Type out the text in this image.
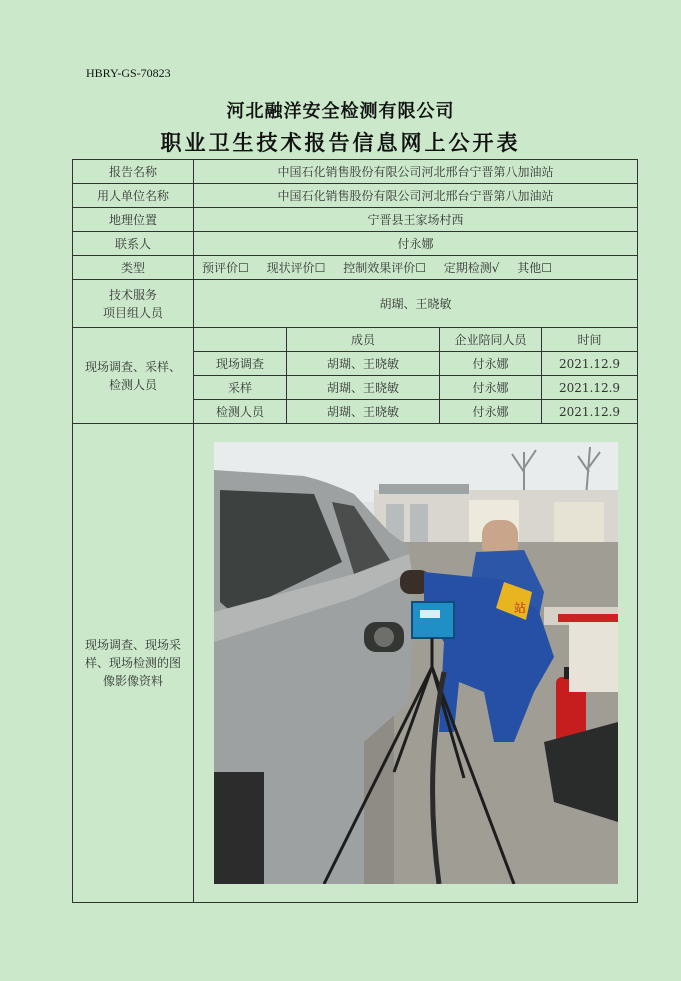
HBRY-GS-70823
河北融洋安全检测有限公司
职业卫生技术报告信息网上公开表
报告名称	中国石化销售股份有限公司河北邢台宁晋第八加油站			
用人单位名称	中国石化销售股份有限公司河北邢台宁晋第八加油站			
地理位置	宁晋县王家场村西			
联系人	付永娜			
类型	预评价☐ 现状评价☐ 控制效果评价☐ 定期检测√ 其他☐			

技术服务
项目组人员	胡瑚、王晓敏			

现场调查、采样、
检测人员		成员	企业陪同人员	时间
	现场调查	胡瑚、王晓敏	付永娜	2021.12.9
	采样	胡瑚、王晓敏	付永娜	2021.12.9
	检测人员	胡瑚、王晓敏	付永娜	2021.12.9

现场调查、现场采
样、现场检测的图
像影像资料	站			
